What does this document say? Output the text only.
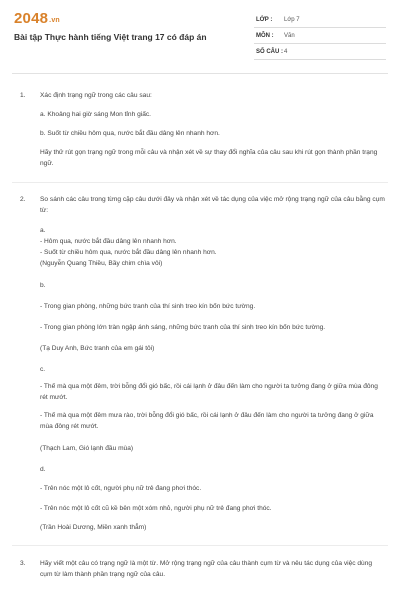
2048.vn
Bài tập Thực hành tiếng Việt trang 17 có đáp án
LỚP : Lớp 7
MÔN : Văn
SỐ CÂU : 4
1. Xác định trạng ngữ trong các câu sau:

a. Khoảng hai giờ sáng Mon tỉnh giấc.

b. Suốt từ chiều hôm qua, nước bắt đầu dâng lên nhanh hơn.

Hãy thử rút gọn trạng ngữ trong mỗi câu và nhận xét về sự thay đổi nghĩa của câu sau khi rút gọn thành phần trạng ngữ.

2. So sánh các câu trong từng cặp câu dưới đây và nhận xét về tác dụng của việc mở rộng trạng ngữ của câu bằng cụm từ:

a.

- Hôm qua, nước bắt đầu dâng lên nhanh hơn.

- Suốt từ chiều hôm qua, nước bắt đầu dâng lên nhanh hơn.

(Nguyễn Quang Thiều, Bầy chim chìa vôi)

b.

- Trong gian phòng, những bức tranh của thí sinh treo kín bốn bức tường.

- Trong gian phòng lớn tràn ngập ánh sáng, những bức tranh của thí sinh treo kín bốn bức tường.

(Tạ Duy Anh, Bức tranh của em gái tôi)

c.

- Thế mà qua một đêm, trời bỗng đổi gió bấc, rồi cái lạnh ở đâu đến làm cho người ta tưởng đang ở giữa mùa đông rét mướt.

- Thế mà qua một đêm mưa rào, trời bỗng đổi gió bấc, rồi cái lạnh ở đâu đến làm cho người ta tưởng đang ở giữa mùa đông rét mướt.

(Thạch Lam, Gió lạnh đầu mùa)

d.

- Trên nóc một lô cốt, người phụ nữ trẻ đang phơi thóc.

- Trên nóc một lô cốt cũ kề bên một xóm nhỏ, người phụ nữ trẻ đang phơi thóc.

(Trần Hoài Dương, Miền xanh thẳm)

3. Hãy viết một câu có trạng ngữ là một từ. Mở rộng trạng ngữ của câu thành cụm từ và nêu tác dụng của việc dùng cụm từ làm thành phần trạng ngữ của câu.
